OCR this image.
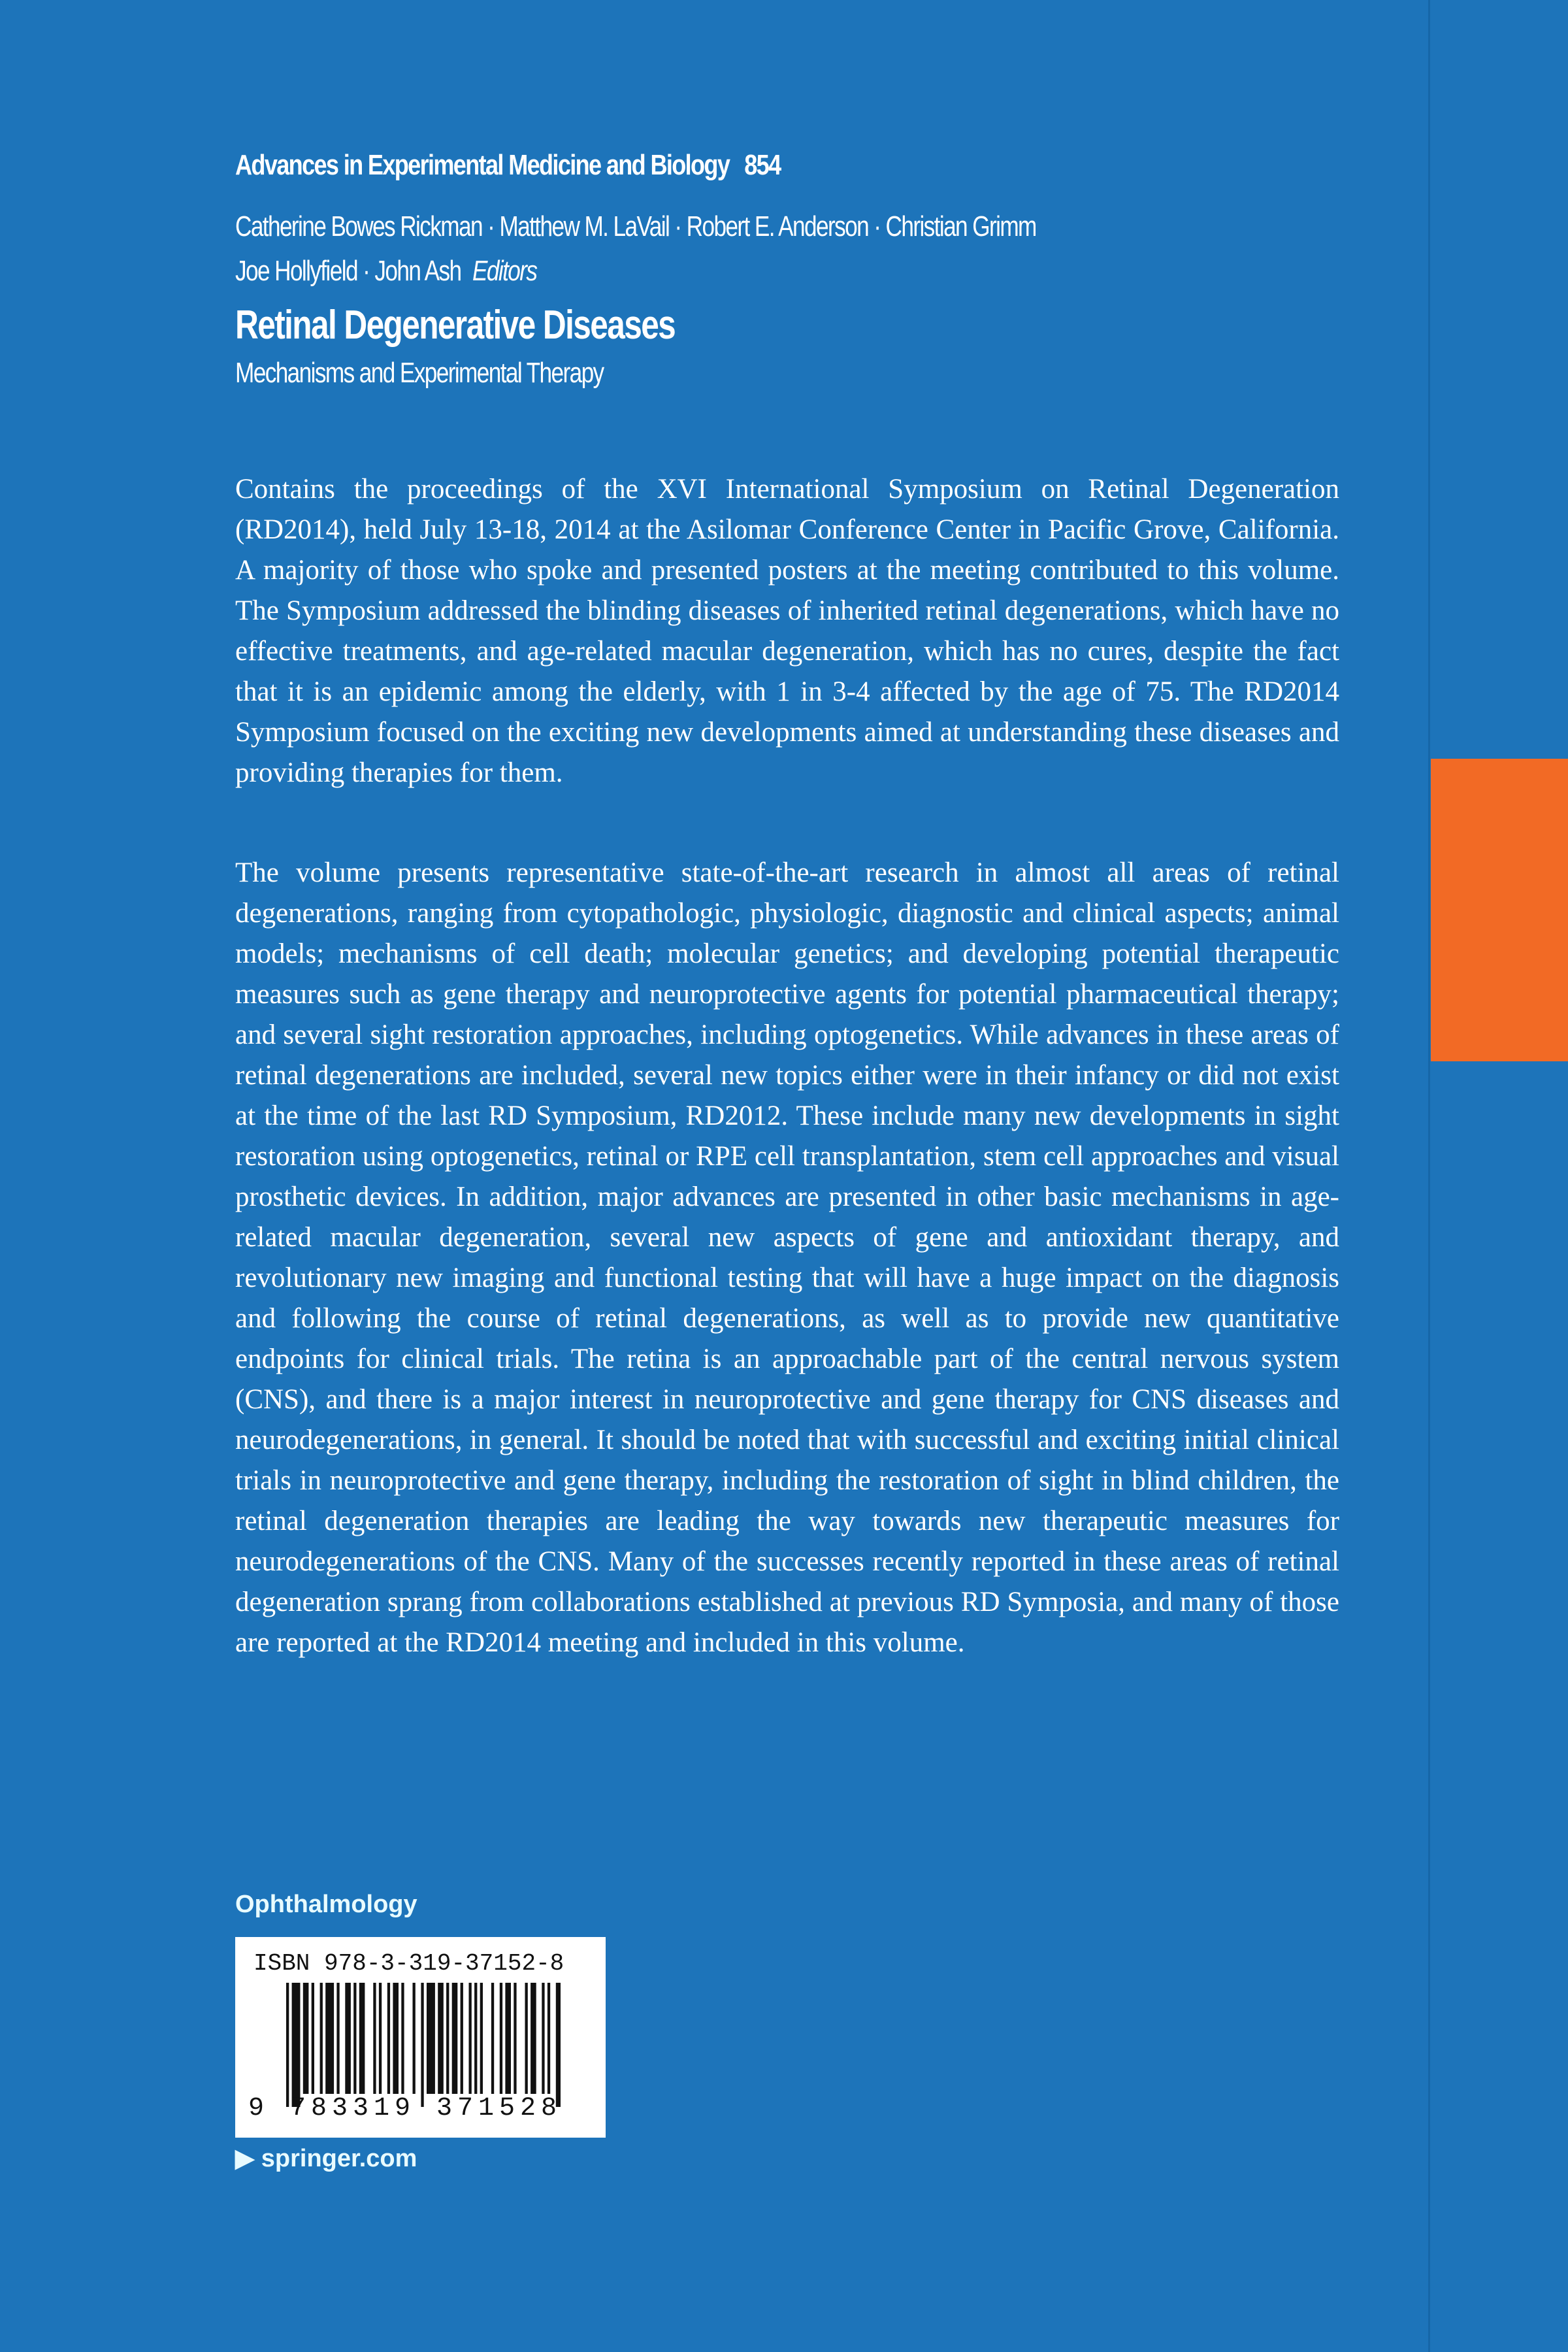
Advances in Experimental Medicine and Biology 854
Catherine Bowes Rickman · Matthew M. LaVail · Robert E. Anderson · Christian Grimm
Joe Hollyfield · John Ash Editors
Retinal Degenerative Diseases
Mechanisms and Experimental Therapy

Contains the proceedings of the XVI International Symposium on Retinal Degeneration (RD2014), held July 13-18, 2014 at the Asilomar Conference Center in Pacific Grove, California. A majority of those who spoke and presented posters at the meeting contributed to this volume. The Symposium addressed the blinding diseases of inherited retinal degenerations, which have no effective treatments, and age-related macular degeneration, which has no cures, despite the fact that it is an epidemic among the elderly, with 1 in 3-4 affected by the age of 75. The RD2014 Symposium focused on the exciting new developments aimed at understanding these diseases and providing therapies for them.

The volume presents representative state-of-the-art research in almost all areas of retinal degenerations, ranging from cytopathologic, physiologic, diagnostic and clinical aspects; animal models; mechanisms of cell death; molecular genetics; and developing potential therapeutic measures such as gene therapy and neuroprotective agents for potential pharmaceutical therapy; and several sight restoration approaches, including optogenetics. While advances in these areas of retinal degenerations are included, several new topics either were in their infancy or did not exist at the time of the last RD Symposium, RD2012. These include many new developments in sight restoration using optogenetics, retinal or RPE cell transplantation, stem cell approaches and visual prosthetic devices. In addition, major advances are presented in other basic mechanisms in age-related macular degeneration, several new aspects of gene and antioxidant therapy, and revolutionary new imaging and functional testing that will have a huge impact on the diagnosis and following the course of retinal degenerations, as well as to provide new quantitative endpoints for clinical trials. The retina is an approachable part of the central nervous system (CNS), and there is a major interest in neuroprotective and gene therapy for CNS diseases and neurodegenerations, in general. It should be noted that with successful and exciting initial clinical trials in neuroprotective and gene therapy, including the restoration of sight in blind children, the retinal degeneration therapies are leading the way towards new therapeutic measures for neurodegenerations of the CNS. Many of the successes recently reported in these areas of retinal degeneration sprang from collaborations established at previous RD Symposia, and many of those are reported at the RD2014 meeting and included in this volume.

Ophthalmology
ISBN 978-3-319-37152-8
9 783319 371528
▶ springer.com
